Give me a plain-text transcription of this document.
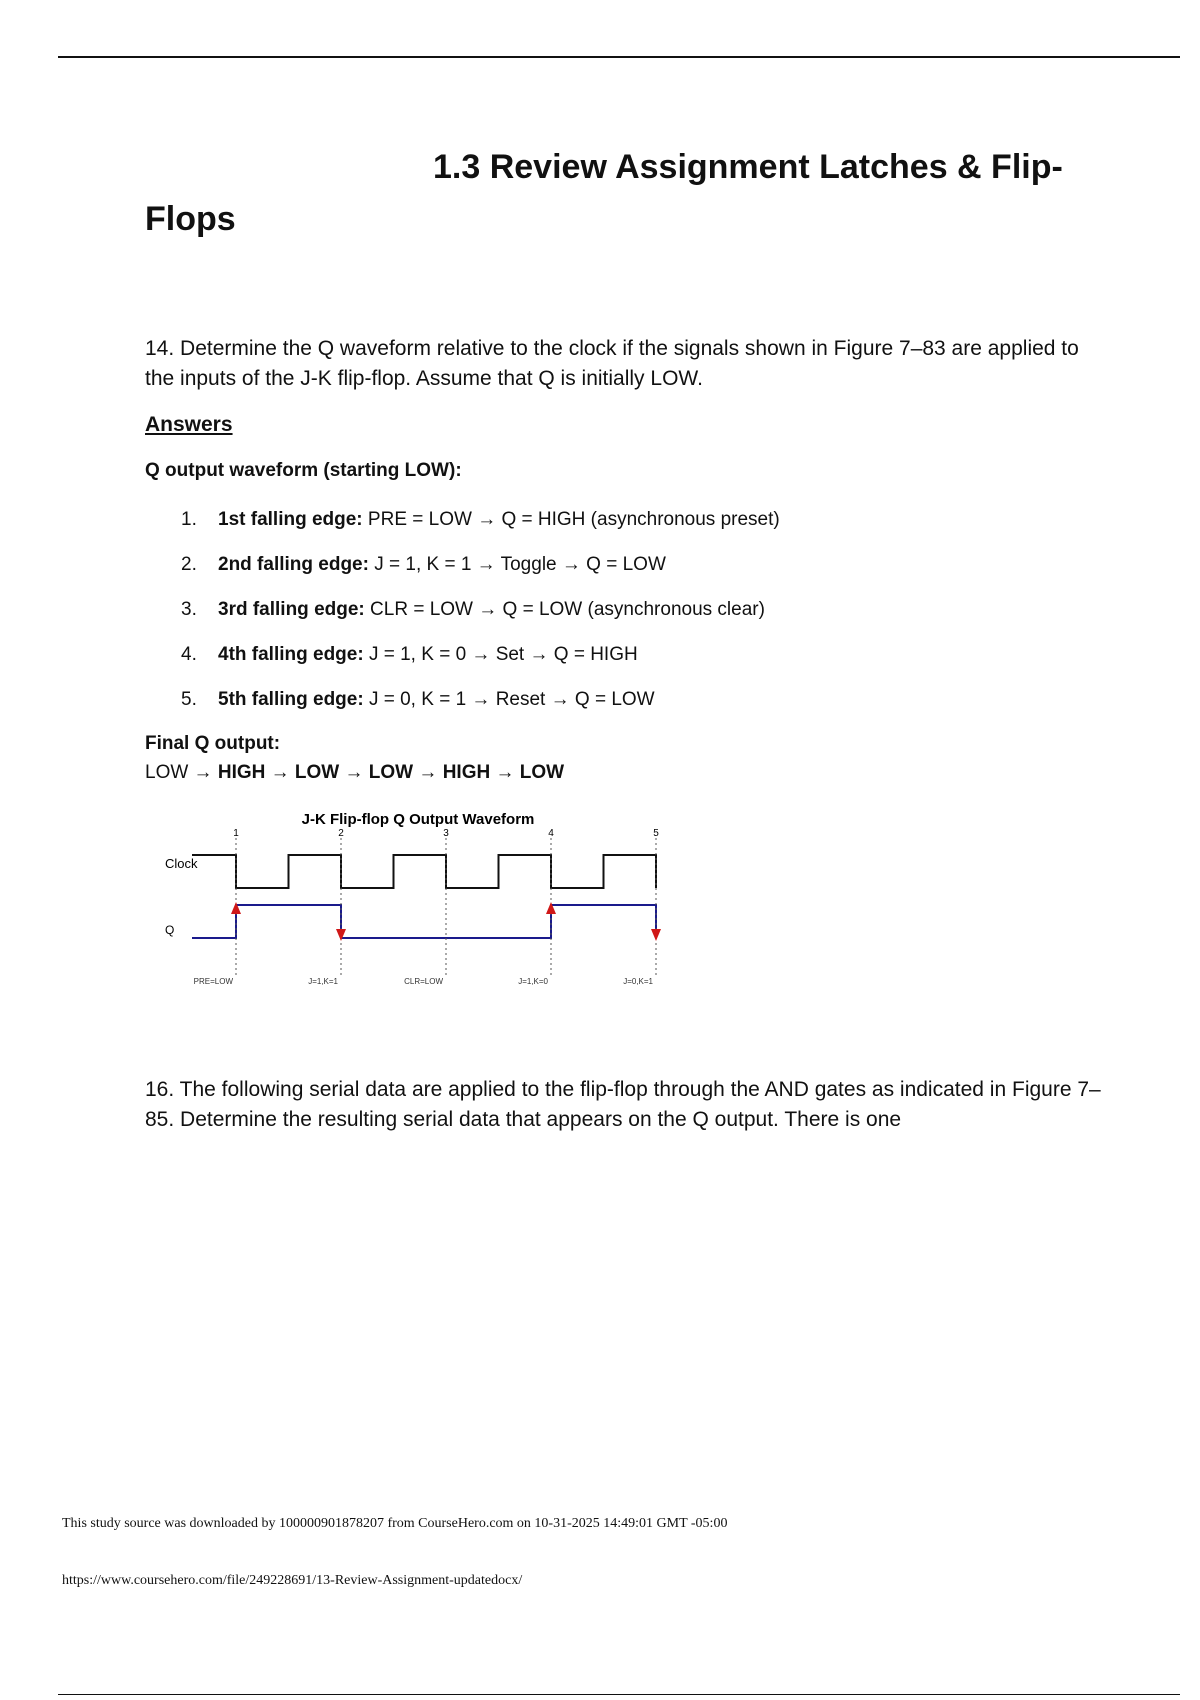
1.3 Review Assignment Latches & Flip-
Flops

14. Determine the Q waveform relative to the clock if the signals shown in Figure 7–83 are applied to the inputs of the J-K flip-flop. Assume that Q is initially LOW.

Answers

Q output waveform (starting LOW):

1. 1st falling edge: PRE = LOW → Q = HIGH (asynchronous preset)
2. 2nd falling edge: J = 1, K = 1 → Toggle → Q = LOW
3. 3rd falling edge: CLR = LOW → Q = LOW (asynchronous clear)
4. 4th falling edge: J = 1, K = 0 → Set → Q = HIGH
5. 5th falling edge: J = 0, K = 1 → Reset → Q = LOW

Final Q output:

LOW → HIGH → LOW → LOW → HIGH → LOW

J-K Flip-flop Q Output Waveform
Clock
Q
1
PRE=LOW
2
J=1,K=1
3
CLR=LOW
4
J=1,K=0
5
J=0,K=1

16. The following serial data are applied to the flip-flop through the AND gates as indicated in Figure 7–85. Determine the resulting serial data that appears on the Q output. There is one

This study source was downloaded by 100000901878207 from CourseHero.com on 10-31-2025 14:49:01 GMT -05:00

https://www.coursehero.com/file/249228691/13-Review-Assignment-updatedocx/
